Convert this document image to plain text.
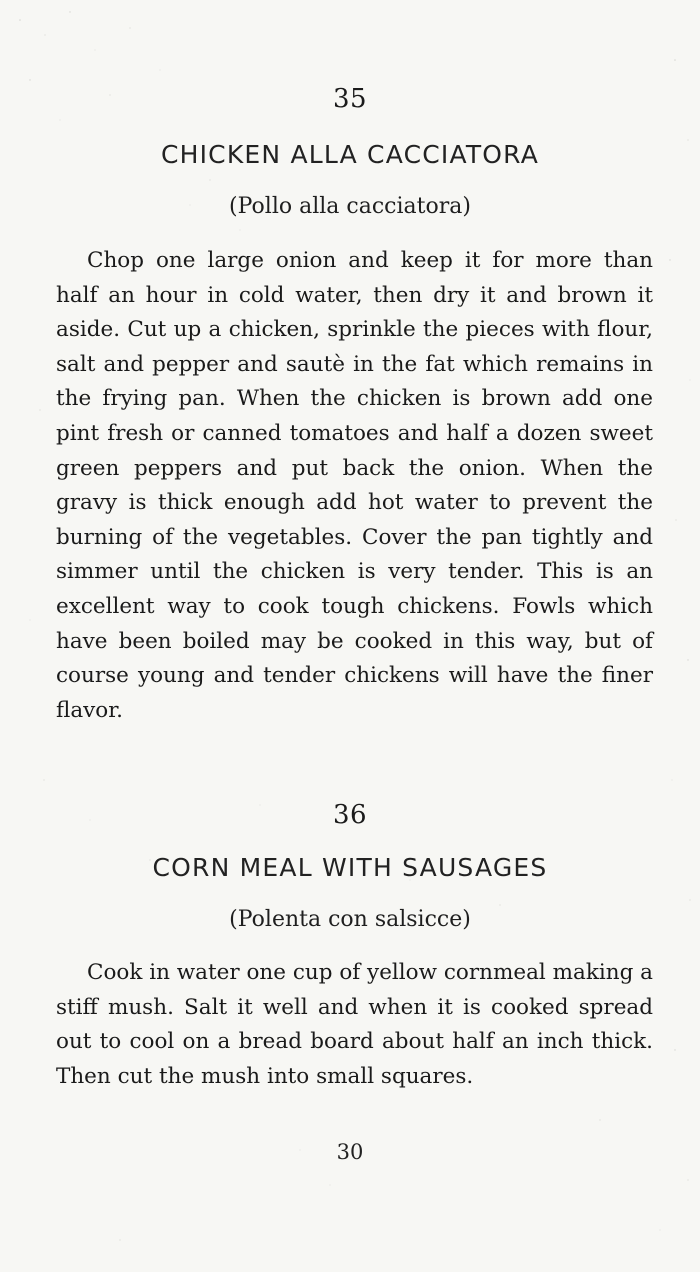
35
CHICKEN ALLA CACCIATORA
(Pollo alla cacciatora)

Chop one large onion and keep it for more than half an hour in cold water, then dry it and brown it aside. Cut up a chicken, sprinkle the pieces with flour, salt and pepper and sautè in the fat which remains in the frying pan. When the chicken is brown add one pint fresh or canned tomatoes and half a dozen sweet green peppers and put back the onion. When the gravy is thick enough add hot water to prevent the burning of the vegetables. Cover the pan tightly and simmer until the chicken is very tender. This is an excellent way to cook tough chickens. Fowls which have been boiled may be cooked in this way, but of course young and tender chickens will have the finer flavor.

36
CORN MEAL WITH SAUSAGES
(Polenta con salsicce)

Cook in water one cup of yellow cornmeal making a stiff mush. Salt it well and when it is cooked spread out to cool on a bread board about half an inch thick. Then cut the mush into small squares.

30
